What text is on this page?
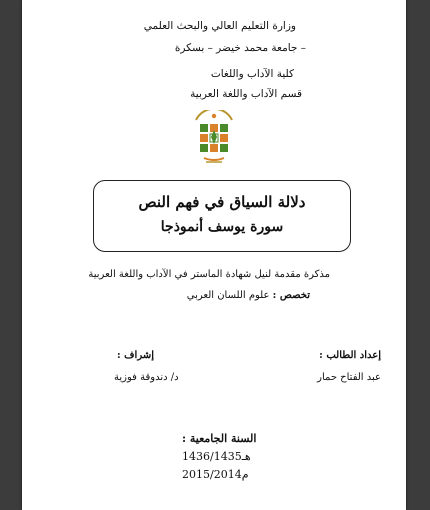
وزارة التعليم العالي والبحث العلمي
– جامعة محمد خيضر – بسكرة
كلية الآداب واللغات
قسم الآداب واللغة العربية
دلالة السياق في فهم النص
سورة يوسف أنموذجا
مذكرة مقدمة لنيل شهادة الماستر في الآداب واللغة العربية
تخصص : علوم اللسان العربي
إعداد الطالب :
عبد الفتاح حمار
إشراف :
د/ دندوقة فوزية
السنة الجامعية :
1436/1435هـ
2015/2014م
